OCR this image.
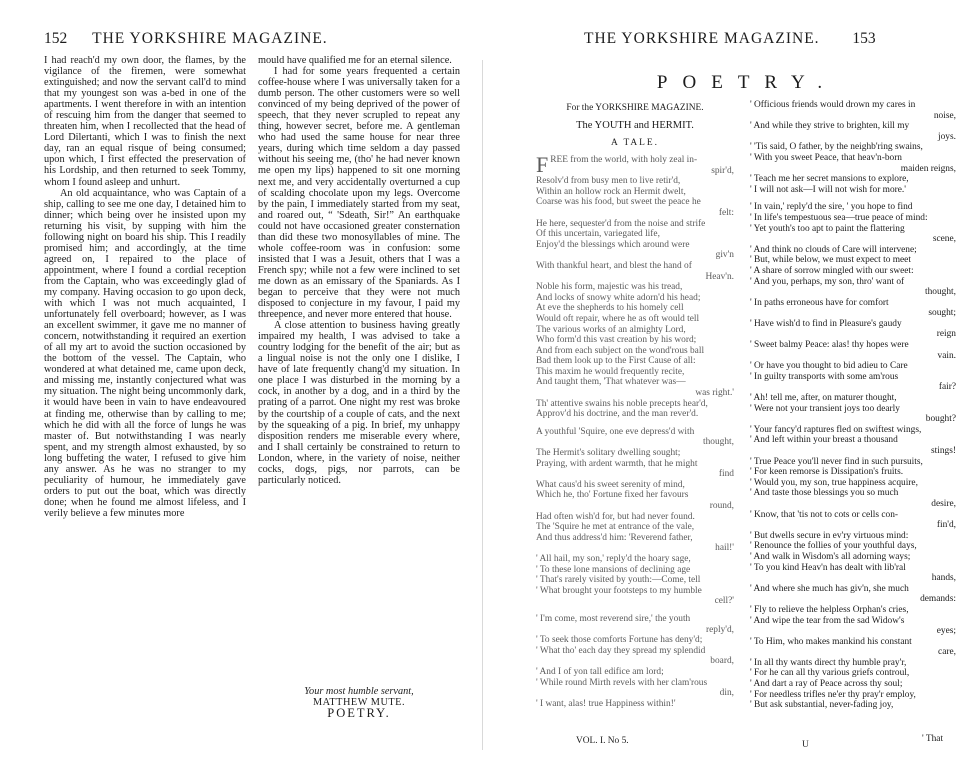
152 THE YORKSHIRE MAGAZINE.

I had reach'd my own door, the flames, by the vigilance of the firemen, were somewhat extinguished; and now the servant call'd to mind that my youngest son was a-bed in one of the apartments. I went therefore in with an intention of rescuing him from the danger that seemed to threaten him, when I recollected that the head of Lord Dilertanti, which I was to finish the next day, ran an equal risque of being consumed; upon which, I first effected the preservation of his Lordship, and then returned to seek Tommy, whom I found asleep and unhurt.

An old acquaintance, who was Captain of a ship, calling to see me one day, I detained him to dinner; which being over he insisted upon my returning his visit, by supping with him the following night on board his ship. This I readily promised him; and accordingly, at the time agreed on, I repaired to the place of appointment, where I found a cordial reception from the Captain, who was exceedingly glad of my company. Having occasion to go upon deck, with which I was not much acquainted, I unfortunately fell overboard; however, as I was an excellent swimmer, it gave me no manner of concern, notwithstanding it required an exertion of all my art to avoid the suction occasioned by the bottom of the vessel. The Captain, who wondered at what detained me, came upon deck, and missing me, instantly conjectured what was my situation. The night being uncommonly dark, it would have been in vain to have endeavoured at finding me, otherwise than by calling to me; which he did with all the force of lungs he was master of. But notwithstanding I was nearly spent, and my strength almost exhausted, by so long buffeting the water, I refused to give him any answer. As he was no stranger to my peculiarity of humour, he immediately gave orders to put out the boat, which was directly done; when he found me almost lifeless, and I verily believe a few minutes more

mould have qualified me for an eternal silence.

I had for some years frequented a certain coffee-house where I was universally taken for a dumb person. The other customers were so well convinced of my being deprived of the power of speech, that they never scrupled to repeat any thing, however secret, before me. A gentleman who had used the same house for near three years, during which time seldom a day passed without his seeing me, (tho' he had never known me open my lips) happened to sit one morning next me, and very accidentally overturned a cup of scalding chocolate upon my legs. Overcome by the pain, I immediately started from my seat, and roared out, “ 'Sdeath, Sir!” An earthquake could not have occasioned greater consternation than did these two monosyllables of mine. The whole coffee-room was in confusion: some insisted that I was a Jesuit, others that I was a French spy; while not a few were inclined to set me down as an emissary of the Spaniards. As I began to perceive that they were not much disposed to conjecture in my favour, I paid my threepence, and never more entered that house.

A close attention to business having greatly impaired my health, I was advised to take a country lodging for the benefit of the air; but as a lingual noise is not the only one I dislike, I have of late frequently chang'd my situation. In one place I was disturbed in the morning by a cock, in another by a dog, and in a third by the prating of a parrot. One night my rest was broke by the courtship of a couple of cats, and the next by the squeaking of a pig. In brief, my unhappy disposition renders me miserable every where, and I shall certainly be constrained to return to London, where, in the variety of noise, neither cocks, dogs, pigs, nor parrots, can be particularly noticed.

Your most humble servant,
MATTHEW MUTE.
POETRY.
THE YORKSHIRE MAGAZINE. 153
POETRY.
For the YORKSHIRE MAGAZINE.
The YOUTH and HERMIT.
A TALE.
F REE from the world, with holy zeal in-
spir'd,
Resolv'd from busy men to live retir'd,
Within an hollow rock an Hermit dwelt,
Coarse was his food, but sweet the peace he
felt:
He here, sequester'd from the noise and strife
Of this uncertain, variegated life,
Enjoy'd the blessings which around were
giv'n
With thankful heart, and blest the hand of
Heav'n.
Noble his form, majestic was his tread,
And locks of snowy white adorn'd his head;
At eve the shepherds to his homely cell
Would oft repair, where he as oft would tell
The various works of an almighty Lord,
Who form'd this vast creation by his word;
And from each subject on the wond'rous ball
Bad them look up to the First Cause of all:
This maxim he would frequently recite,
And taught them, 'That whatever was—
was right.'
Th' attentive swains his noble precepts hear'd,
Approv'd his doctrine, and the man rever'd.
A youthful 'Squire, one eve depress'd with
thought,
The Hermit's solitary dwelling sought;
Praying, with ardent warmth, that he might
find
What caus'd his sweet serenity of mind,
Which he, tho' Fortune fixed her favours
round,
Had often wish'd for, but had never found.
The 'Squire he met at entrance of the vale,
And thus address'd him: 'Reverend father,
hail!'
' All hail, my son,' reply'd the hoary sage,
' To these lone mansions of declining age
' That's rarely visited by youth:—Come, tell
' What brought your footsteps to my humble
cell?'
' I'm come, most reverend sire,' the youth
reply'd,
' To seek those comforts Fortune has deny'd;
' What tho' each day they spread my splendid
board,
' And I of yon tall edifice am lord;
' While round Mirth revels with her clam'rous
din,
' I want, alas! true Happiness within!'
VOL. I. No 5.
' Officious friends would drown my cares in
noise,
' And while they strive to brighten, kill my
joys.
' 'Tis said, O father, by the neighb'ring swains,
' With you sweet Peace, that heav'n-born
maiden reigns,
' Teach me her secret mansions to explore,
' I will not ask—I will not wish for more.'
' In vain,' reply'd the sire, ' you hope to find
' In life's tempestuous sea—true peace of mind:
' Yet youth's too apt to paint the flattering
scene,
' And think no clouds of Care will intervene;
' But, while below, we must expect to meet
' A share of sorrow mingled with our sweet:
' And you, perhaps, my son, thro' want of
thought,
' In paths erroneous have for comfort
sought;
' Have wish'd to find in Pleasure's gaudy
reign
' Sweet balmy Peace: alas! thy hopes were
vain.
' Or have you thought to bid adieu to Care
' In guilty transports with some am'rous
fair?
' Ah! tell me, after, on maturer thought,
' Were not your transient joys too dearly
bought?
' Your fancy'd raptures fled on swiftest wings,
' And left within your breast a thousand
stings!
' True Peace you'll never find in such pursuits,
' For keen remorse is Dissipation's fruits.
' Would you, my son, true happiness acquire,
' And taste those blessings you so much
desire,
' Know, that 'tis not to cots or cells con-
fin'd,
' But dwells secure in ev'ry virtuous mind:
' Renounce the follies of your youthful days,
' And walk in Wisdom's all adorning ways;
' To you kind Heav'n has dealt with lib'ral
hands,
' And where she much has giv'n, she much
demands:
' Fly to relieve the helpless Orphan's cries,
' And wipe the tear from the sad Widow's
eyes;
' To Him, who makes mankind his constant
care,
' In all thy wants direct thy humble pray'r,
' For he can all thy various griefs controul,
' And dart a ray of Peace across thy soul;
' For needless trifles ne'er thy pray'r employ,
' But ask substantial, never-fading joy,
U
' That
